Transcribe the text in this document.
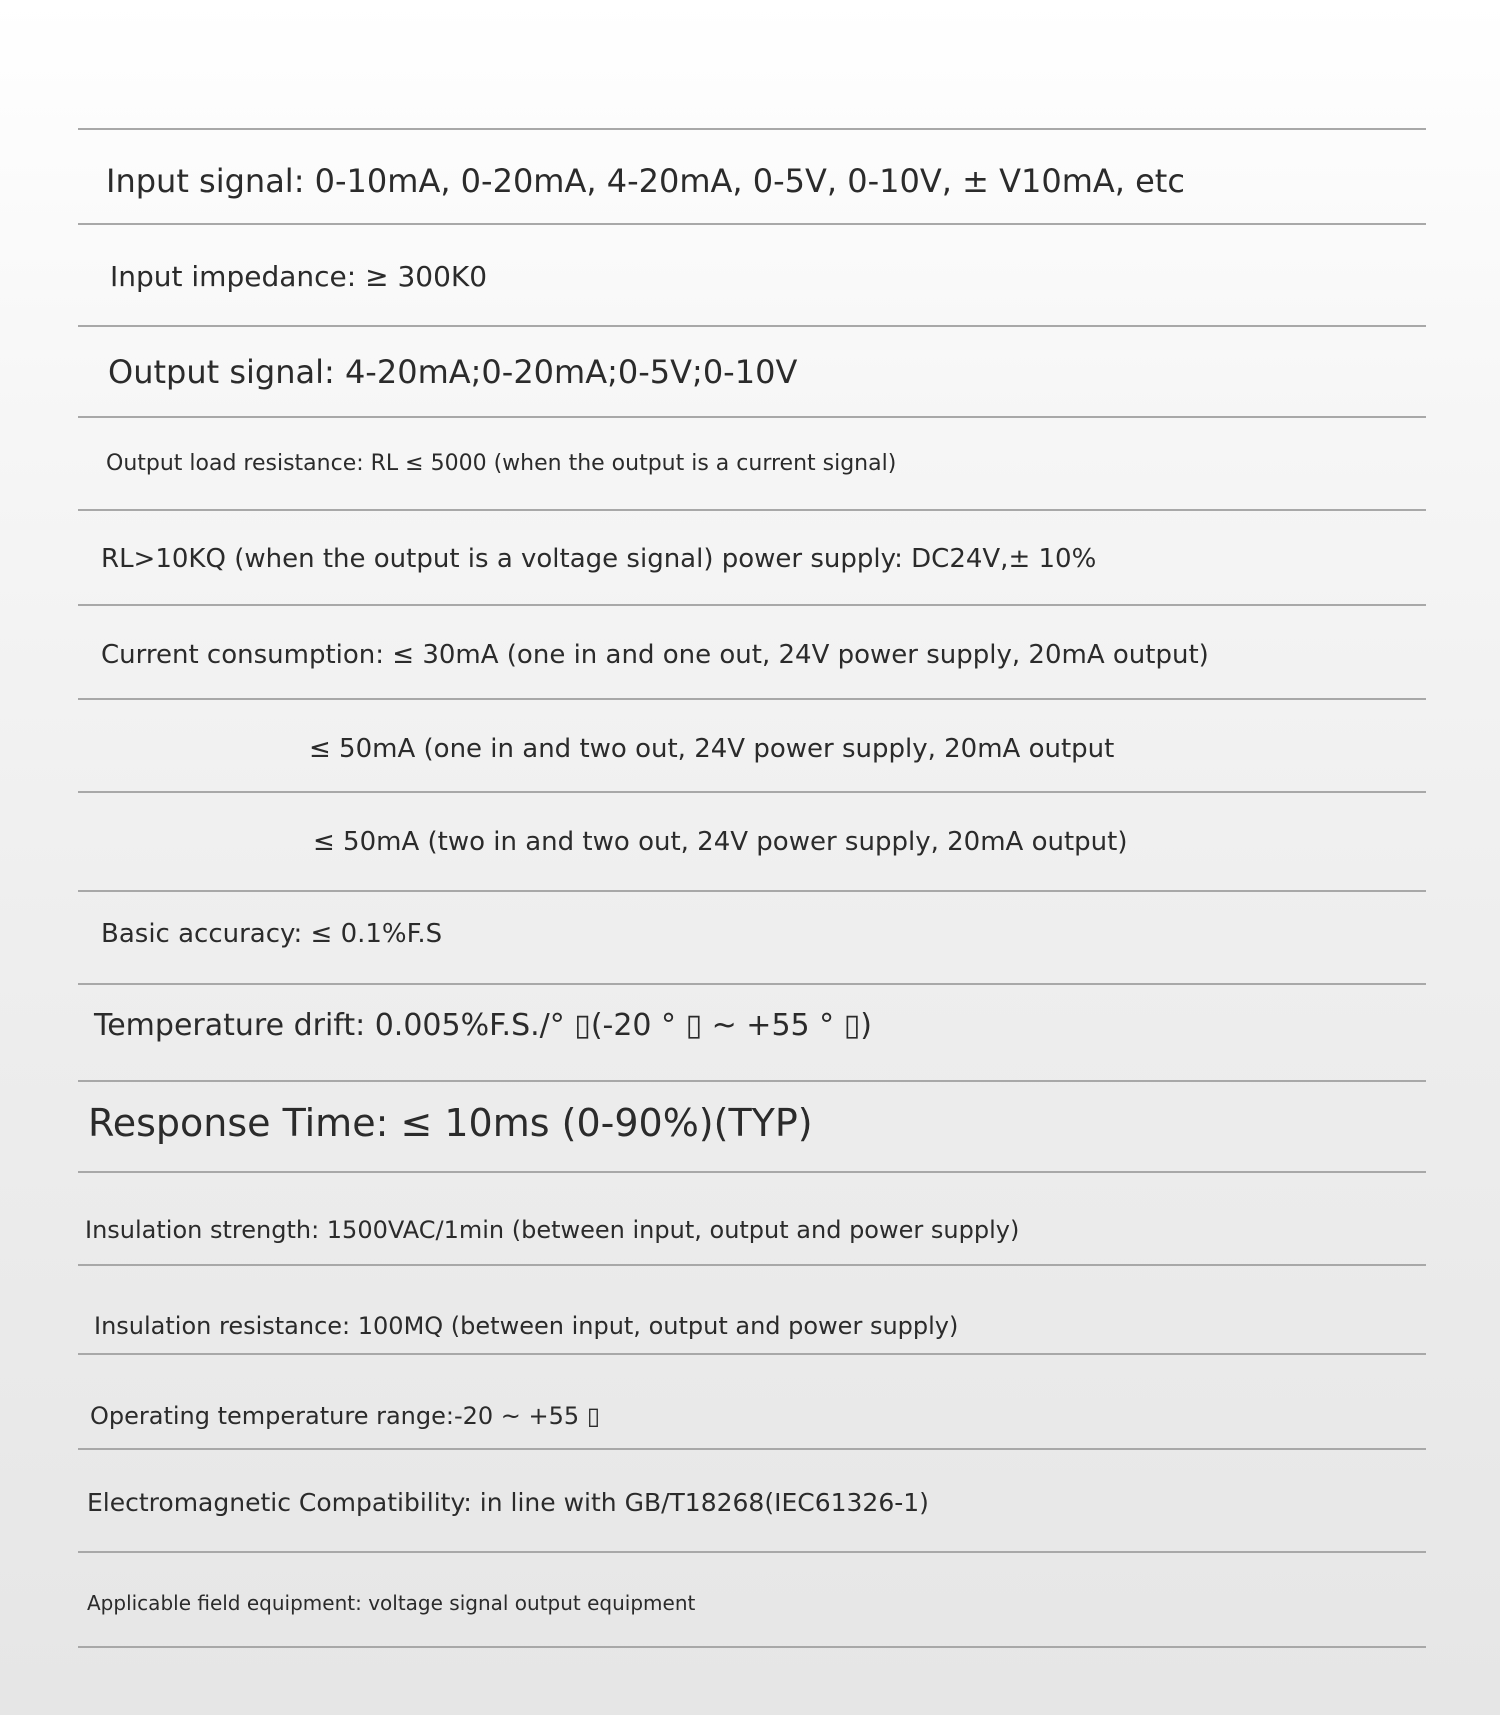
Input signal: 0-10mA, 0-20mA, 4-20mA, 0-5V, 0-10V, ± V10mA, etc
Input impedance: ≥ 300K0
Output signal: 4-20mA;0-20mA;0-5V;0-10V
Output load resistance: RL ≤ 5000 (when the output is a current signal)
RL>10KQ (when the output is a voltage signal) power supply: DC24V,± 10%
Current consumption: ≤ 30mA (one in and one out, 24V power supply, 20mA output)
≤ 50mA (one in and two out, 24V power supply, 20mA output
≤ 50mA (two in and two out, 24V power supply, 20mA output)
Basic accuracy: ≤ 0.1%F.S
Temperature drift: 0.005%F.S./° ▯(-20 ° ▯ ~ +55 ° ▯)
Response Time: ≤ 10ms (0-90%)(TYP)
Insulation strength: 1500VAC/1min (between input, output and power supply)
Insulation resistance: 100MQ (between input, output and power supply)
Operating temperature range:-20 ~ +55 ▯
Electromagnetic Compatibility: in line with GB/T18268(IEC61326-1)
Applicable field equipment: voltage signal output equipment
